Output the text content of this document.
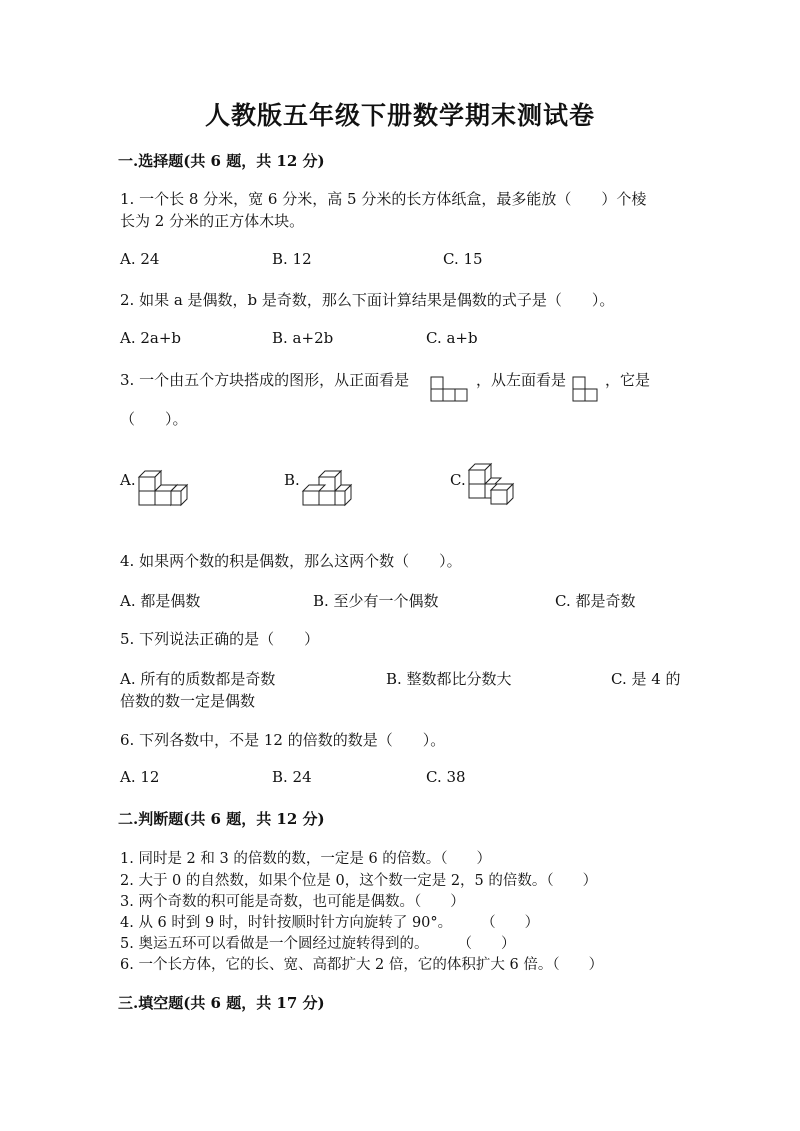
人教版五年级下册数学期末测试卷
一.选择题(共 6 题，共 12 分)
1. 一个长 8 分米，宽 6 分米，高 5 分米的长方体纸盒，最多能放（　　）个棱
长为 2 分米的正方体木块。
A. 24	B. 12	C. 15
2. 如果 a 是偶数，b 是奇数，那么下面计算结果是偶数的式子是（　　）。
A. 2a+b	B. a+2b	C. a+b
3. 一个由五个方块搭成的图形，从正面看是	，从左面看是	，它是
（　　）。
A.	B.	C.
4. 如果两个数的积是偶数，那么这两个数（　　）。
A. 都是偶数	B. 至少有一个偶数	C. 都是奇数
5. 下列说法正确的是（　　）
A. 所有的质数都是奇数	B. 整数都比分数大	C. 是 4 的
倍数的数一定是偶数
6. 下列各数中，不是 12 的倍数的数是（　　）。
A. 12	B. 24	C. 38
二.判断题(共 6 题，共 12 分)
1. 同时是 2 和 3 的倍数的数，一定是 6 的倍数。（　　）
2. 大于 0 的自然数，如果个位是 0，这个数一定是 2，5 的倍数。（　　）
3. 两个奇数的积可能是奇数，也可能是偶数。（　　）
4. 从 6 时到 9 时，时针按顺时针方向旋转了 90°。　　　（　　）
5. 奥运五环可以看做是一个圆经过旋转得到的。　　　（　　）
6. 一个长方体，它的长、宽、高都扩大 2 倍，它的体积扩大 6 倍。（　　）
三.填空题(共 6 题，共 17 分)
